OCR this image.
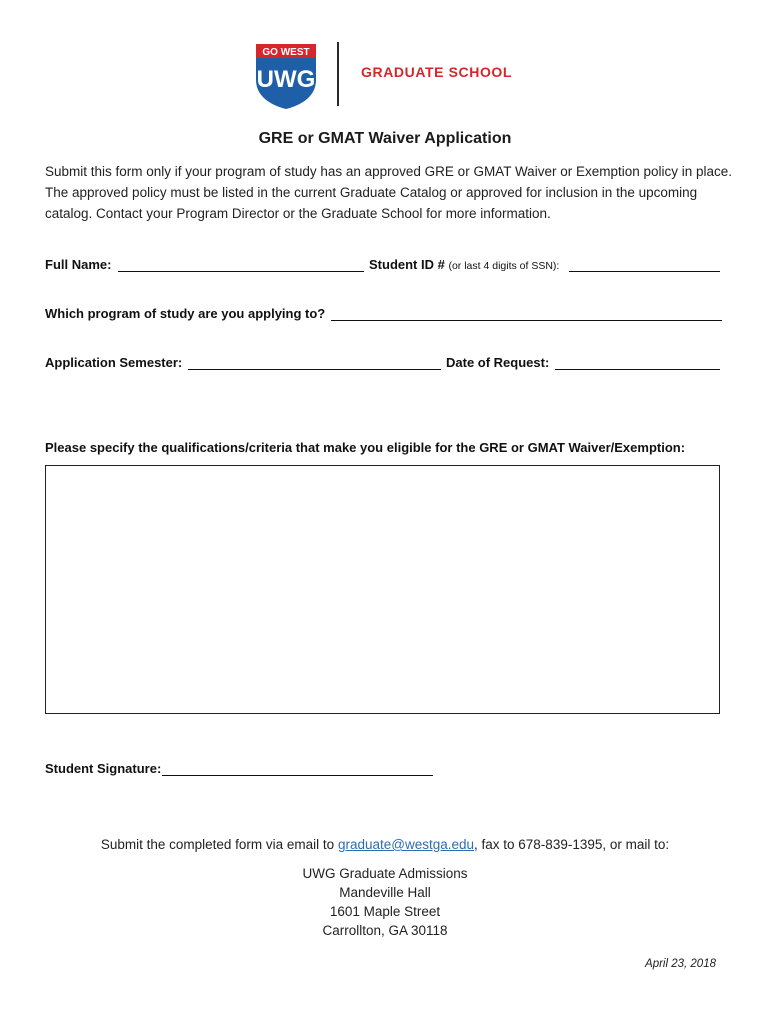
GO WEST
UWG	GRADUATE SCHOOL
GRE or GMAT Waiver Application
Submit this form only if your program of study has an approved GRE or GMAT Waiver or Exemption policy in place. The approved policy must be listed in the current Graduate Catalog or approved for inclusion in the upcoming catalog. Contact your Program Director or the Graduate School for more information.
Full Name:	Student ID # (or last 4 digits of SSN):
Which program of study are you applying to?
Application Semester:	Date of Request:
Please specify the qualifications/criteria that make you eligible for the GRE or GMAT Waiver/Exemption:
Student Signature:
Submit the completed form via email to graduate@westga.edu, fax to 678-839-1395, or mail to:
UWG Graduate Admissions
Mandeville Hall
1601 Maple Street
Carrollton, GA 30118
April 23, 2018
